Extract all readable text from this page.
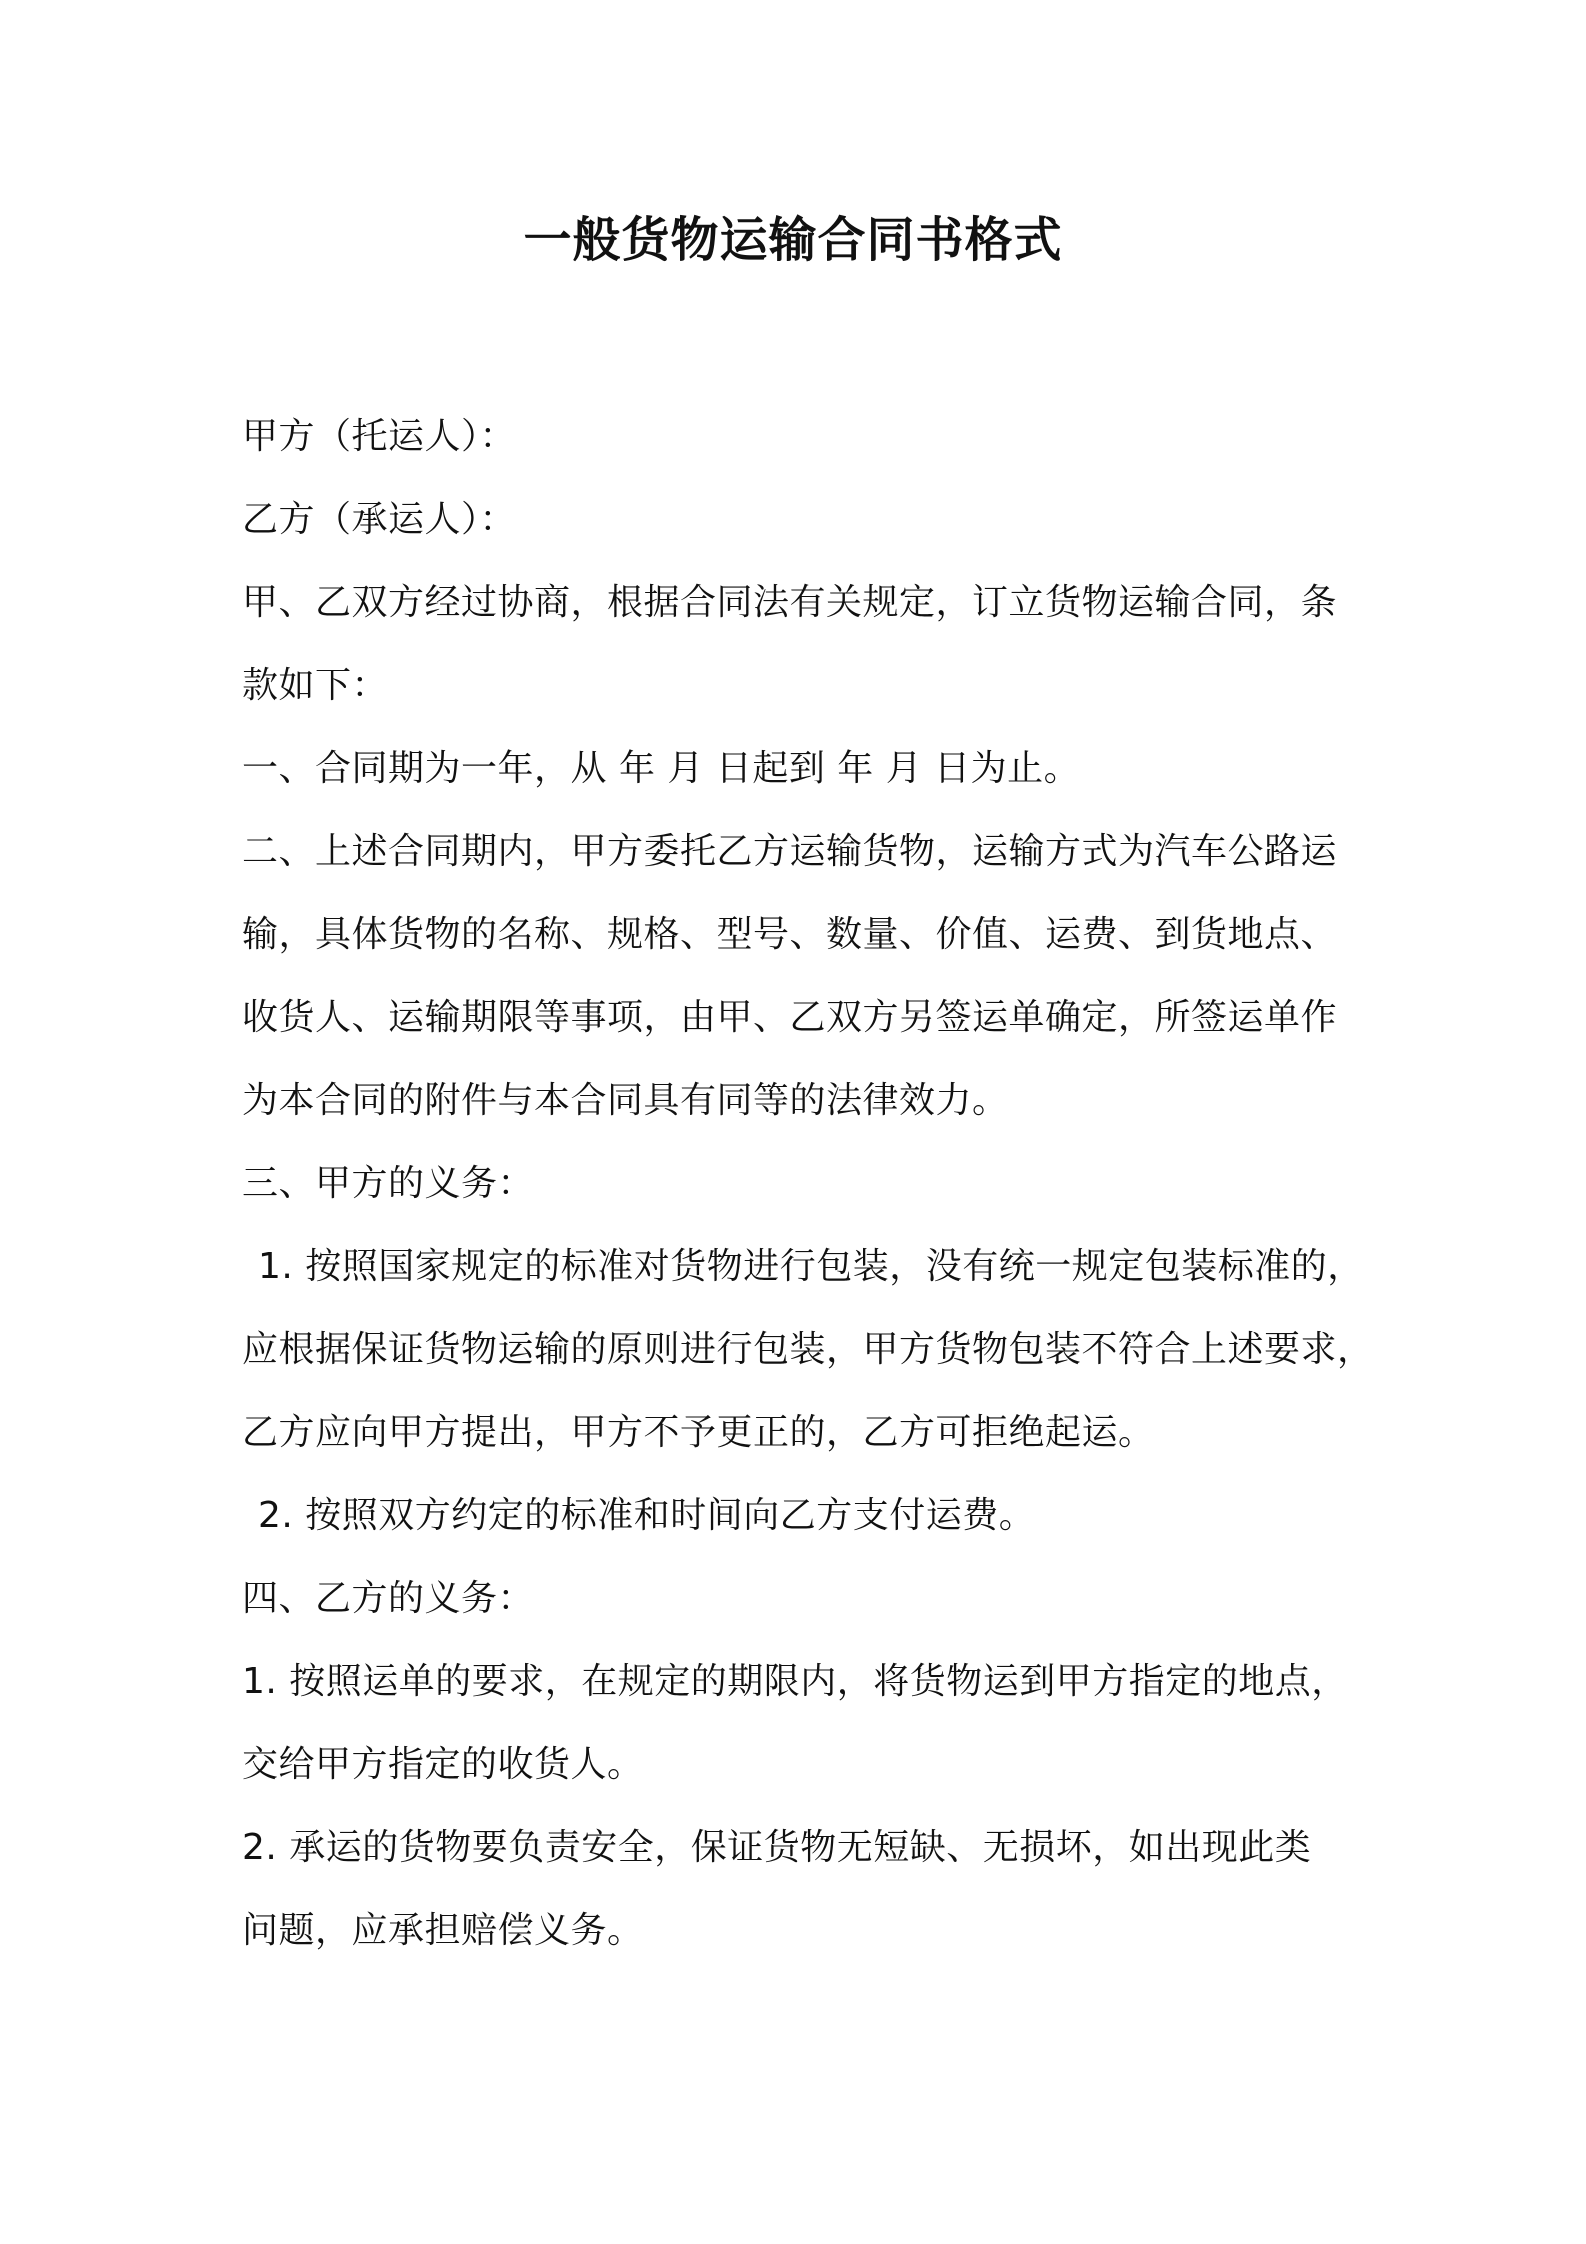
一般货物运输合同书格式
甲方（托运人）：
乙方（承运人）：
甲、乙双方经过协商，根据合同法有关规定，订立货物运输合同，条
款如下：
一、合同期为一年，从 年 月 日起到 年 月 日为止。
二、上述合同期内，甲方委托乙方运输货物，运输方式为汽车公路运
输，具体货物的名称、规格、型号、数量、价值、运费、到货地点、
收货人、运输期限等事项，由甲、乙双方另签运单确定，所签运单作
为本合同的附件与本合同具有同等的法律效力。
三、甲方的义务：
1. 按照国家规定的标准对货物进行包装，没有统一规定包装标准的，
应根据保证货物运输的原则进行包装，甲方货物包装不符合上述要求，
乙方应向甲方提出，甲方不予更正的，乙方可拒绝起运。
2. 按照双方约定的标准和时间向乙方支付运费。
四、乙方的义务：
1. 按照运单的要求，在规定的期限内，将货物运到甲方指定的地点，
交给甲方指定的收货人。
2. 承运的货物要负责安全，保证货物无短缺、无损坏，如出现此类
问题，应承担赔偿义务。
